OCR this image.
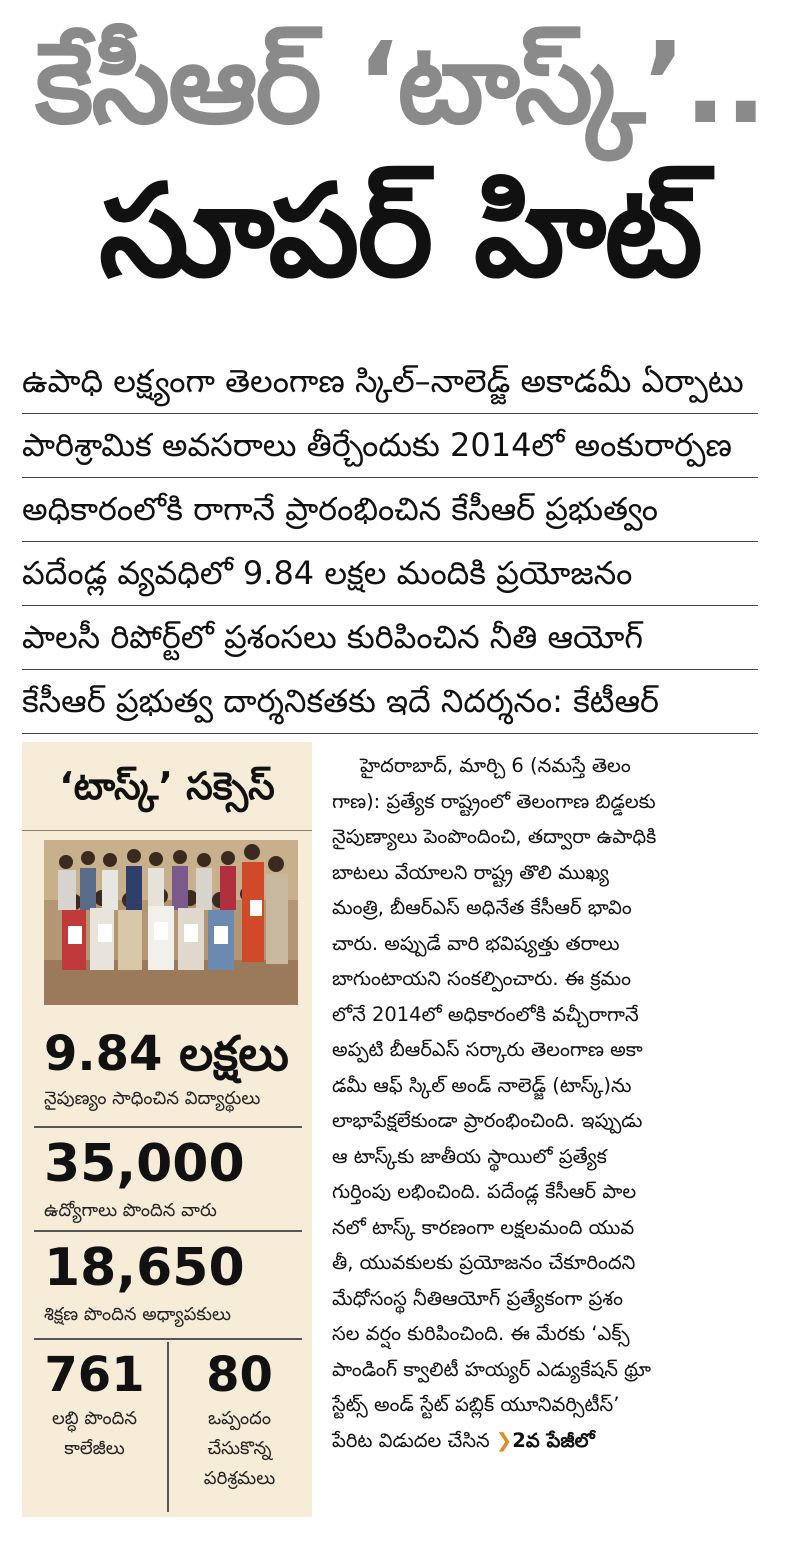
కేసీఆర్ ‘టాస్క్’..
సూపర్ హిట్
ఉపాధి లక్ష్యంగా తెలంగాణ స్కిల్–నాలెడ్జ్ అకాడమీ ఏర్పాటు
పారిశ్రామిక అవసరాలు తీర్చేందుకు 2014లో అంకురార్పణ
అధికారంలోకి రాగానే ప్రారంభించిన కేసీఆర్ ప్రభుత్వం
పదేండ్ల వ్యవధిలో 9.84 లక్షల మందికి ప్రయోజనం
పాలసీ రిపోర్ట్‌లో ప్రశంసలు కురిపించిన నీతి ఆయోగ్
కేసీఆర్ ప్రభుత్వ దార్శనికతకు ఇదే నిదర్శనం: కేటీఆర్
‘టాస్క్’ సక్సెస్
9.84 లక్షలు
నైపుణ్యం సాధించిన విద్యార్థులు
35,000
ఉద్యోగాలు పొందిన వారు
18,650
శిక్షణ పొందిన అధ్యాపకులు
761
లబ్ధి పొందిన
కాలేజీలు
80
ఒప్పందం
చేసుకొన్న
పరిశ్రమలు
హైదరాబాద్, మార్చి 6 (నమస్తే తెలం
గాణ): ప్రత్యేక రాష్ట్రంలో తెలంగాణ బిడ్డలకు
నైపుణ్యాలు పెంపొందించి, తద్వారా ఉపాధికి
బాటలు వేయాలని రాష్ట్ర తొలి ముఖ్య
మంత్రి, బీఆర్‌ఎస్ అధినేత కేసీఆర్ భావిం
చారు. అప్పుడే వారి భవిష్యత్తు తరాలు
బాగుంటాయని సంకల్పించారు. ఈ క్రమం
లోనే 2014లో అధికారంలోకి వచ్చీరాగానే
అప్పటి బీఆర్‌ఎస్ సర్కారు తెలంగాణ అకా
డమీ ఆఫ్ స్కిల్ అండ్ నాలెడ్జ్ (టాస్క్)ను
లాభాపేక్షలేకుండా ప్రారంభించింది. ఇప్పుడు
ఆ టాస్క్‌కు జాతీయ స్థాయిలో ప్రత్యేక
గుర్తింపు లభించింది. పదేండ్ల కేసీఆర్ పాల
నలో టాస్క్ కారణంగా లక్షలమంది యువ
తీ, యువకులకు ప్రయోజనం చేకూరిందని
మేధోసంస్థ నీతిఆయోగ్ ప్రత్యేకంగా ప్రశం
సల వర్షం కురిపించింది. ఈ మేరకు ‘ఎక్స్
పాండింగ్ క్వాలిటీ హయ్యర్ ఎడ్యుకేషన్ థ్రూ
స్టేట్స్ అండ్ స్టేట్ పబ్లిక్ యూనివర్సిటీస్’
పేరిట విడుదల చేసిన ❯2వ పేజీలో
